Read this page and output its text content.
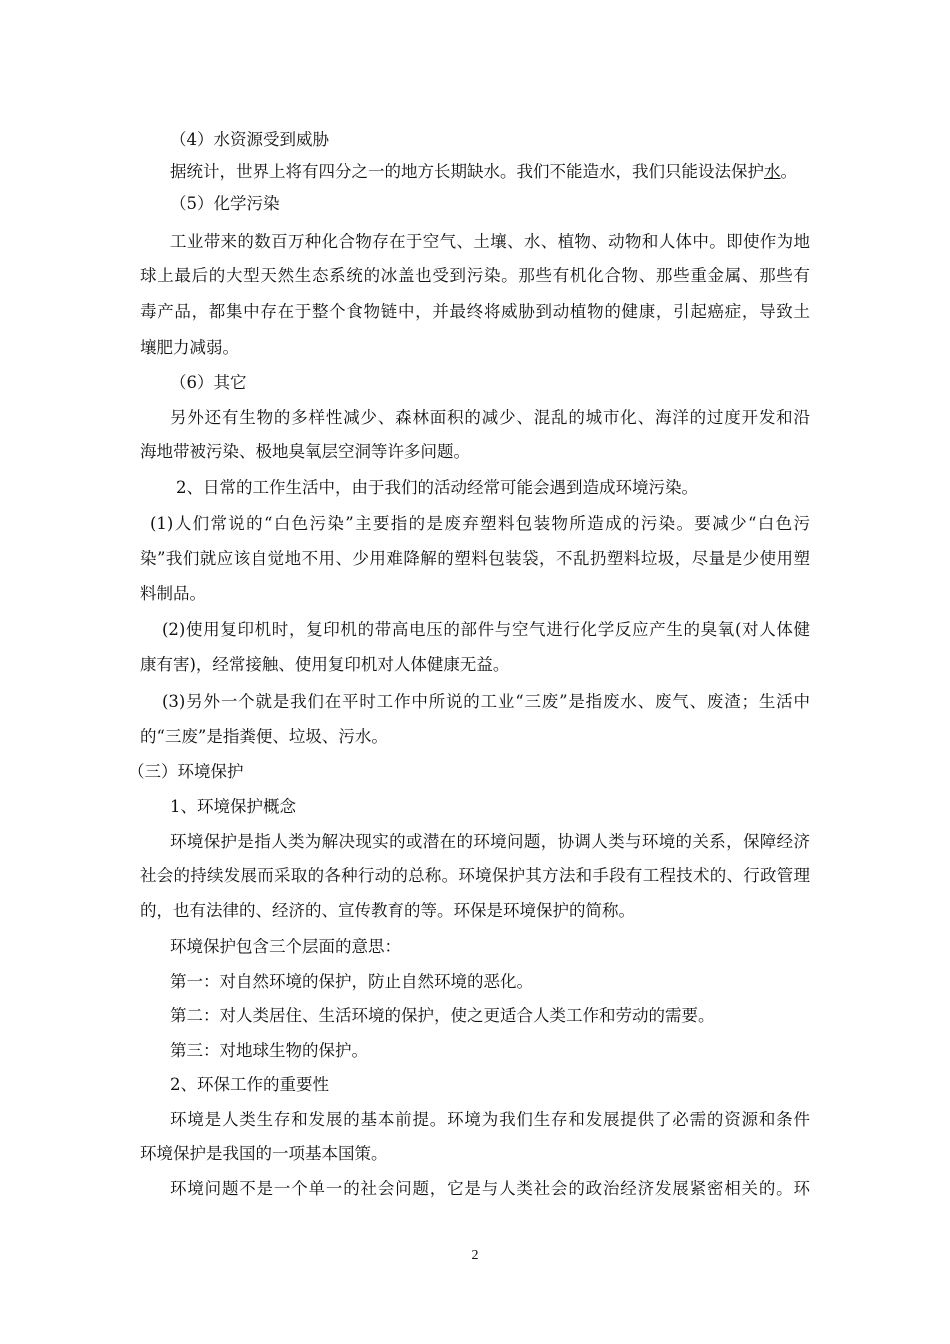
（4）水资源受到威胁
据统计，世界上将有四分之一的地方长期缺水。我们不能造水，我们只能设法保护水。
（5）化学污染
工业带来的数百万种化合物存在于空气、土壤、水、植物、动物和人体中。即使作为地
球上最后的大型天然生态系统的冰盖也受到污染。那些有机化合物、那些重金属、那些有
毒产品，都集中存在于整个食物链中，并最终将威胁到动植物的健康，引起癌症，导致土
壤肥力减弱。
（6）其它
另外还有生物的多样性减少、森林面积的减少、混乱的城市化、海洋的过度开发和沿
海地带被污染、极地臭氧层空洞等许多问题。
2、日常的工作生活中，由于我们的活动经常可能会遇到造成环境污染。
(1)人们常说的“白色污染”主要指的是废弃塑料包装物所造成的污染。要减少“白色污
染”我们就应该自觉地不用、少用难降解的塑料包装袋，不乱扔塑料垃圾，尽量是少使用塑
料制品。
(2)使用复印机时，复印机的带高电压的部件与空气进行化学反应产生的臭氧(对人体健
康有害)，经常接触、使用复印机对人体健康无益。
(3)另外一个就是我们在平时工作中所说的工业“三废”是指废水、废气、废渣；生活中
的“三废”是指粪便、垃圾、污水。
（三）环境保护
1、环境保护概念
环境保护是指人类为解决现实的或潜在的环境问题，协调人类与环境的关系，保障经济
社会的持续发展而采取的各种行动的总称。环境保护其方法和手段有工程技术的、行政管理
的，也有法律的、经济的、宣传教育的等。环保是环境保护的简称。
环境保护包含三个层面的意思：
第一：对自然环境的保护，防止自然环境的恶化。
第二：对人类居住、生活环境的保护，使之更适合人类工作和劳动的需要。
第三：对地球生物的保护。
2、环保工作的重要性
环境是人类生存和发展的基本前提。环境为我们生存和发展提供了必需的资源和条件
环境保护是我国的一项基本国策。
环境问题不是一个单一的社会问题，它是与人类社会的政治经济发展紧密相关的。环
2
